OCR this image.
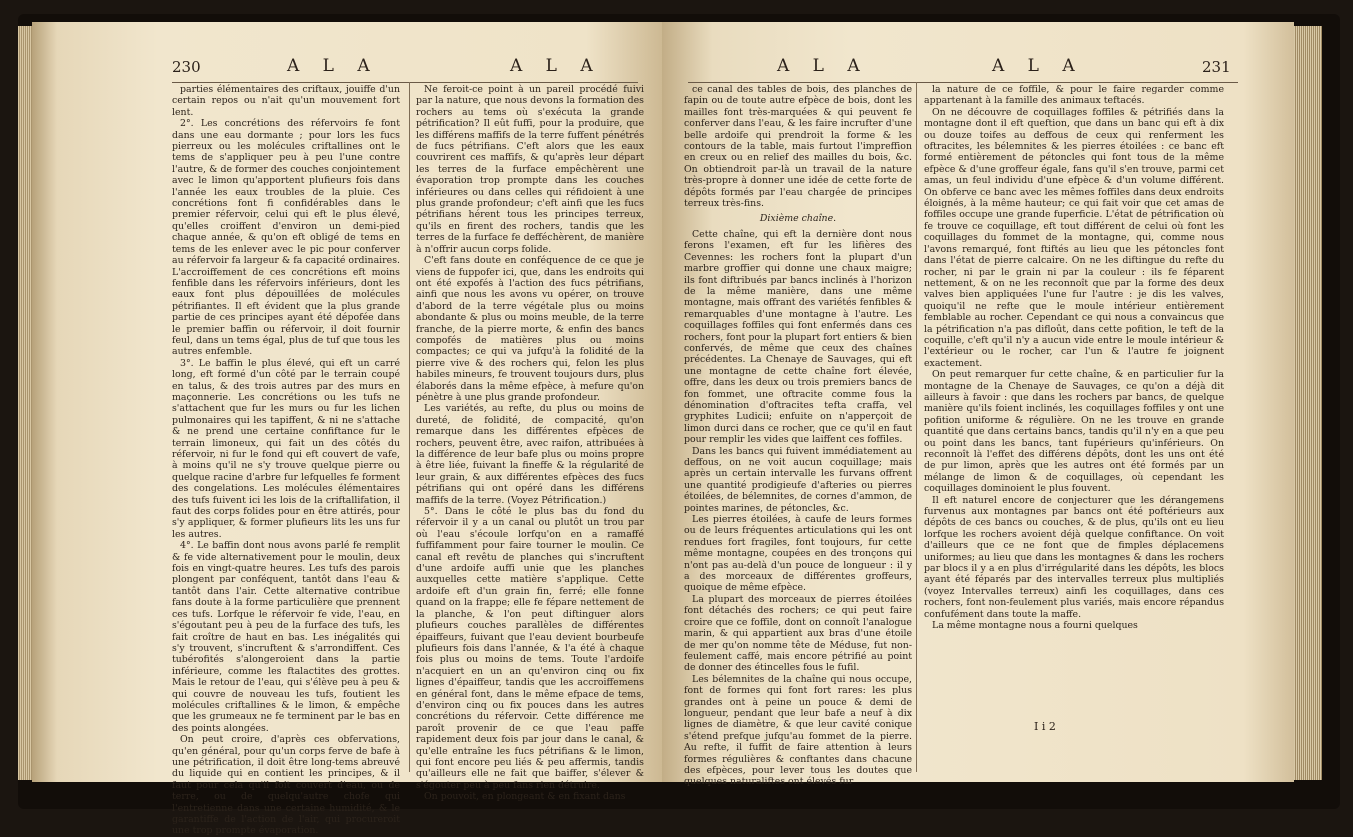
230	A L A	A L A

parties élémentaires des criftaux, jouiffe d'un certain repos ou n'ait qu'un mouvement fort lent.

2°. Les concrétions des réfervoirs fe font dans une eau dormante ; pour lors les fucs pierreux ou les molécules criftallines ont le tems de s'appliquer peu à peu l'une contre l'autre, & de former des couches conjointement avec le limon qu'apportent plufieurs fois dans l'année les eaux troubles de la pluie. Ces concrétions font fi confidérables dans le premier réfervoir, celui qui eft le plus élevé, qu'elles croiffent d'environ un demi-pied chaque année, & qu'on eft obligé de tems en tems de les enlever avec le pic pour conferver au réfervoir fa largeur & fa capacité ordinaires. L'accroiffement de ces concrétions eft moins fenfible dans les réfervoirs inférieurs, dont les eaux font plus dépouillées de molécules pétrifiantes. Il eft évident que la plus grande partie de ces principes ayant été dépofée dans le premier baffin ou réfervoir, il doit fournir feul, dans un tems égal, plus de tuf que tous les autres enfemble.

3°. Le baffin le plus élevé, qui eft un carré long, eft formé d'un côté par le terrain coupé en talus, & des trois autres par des murs en maçonnerie. Les concrétions ou les tufs ne s'attachent que fur les murs ou fur les lichen pulmonaires qui les tapiffent, & ni ne s'attache & ne prend une certaine confiftance fur le terrain limoneux, qui fait un des côtés du réfervoir, ni fur le fond qui eft couvert de vafe, à moins qu'il ne s'y trouve quelque pierre ou quelque racine d'arbre fur lefquelles fe forment des congelations. Les molécules élémentaires des tufs fuivent ici les lois de la criftallifation, il faut des corps folides pour en être attirés, pour s'y appliquer, & former plufieurs lits les uns fur les autres.

4°. Le baffin dont nous avons parlé fe remplit & fe vide alternativement pour le moulin, deux fois en vingt-quatre heures. Les tufs des parois plongent par conféquent, tantôt dans l'eau & tantôt dans l'air. Cette alternative contribue fans doute à la forme particulière que prennent ces tufs. Lorfque le réfervoir fe vide, l'eau, en s'égoutant peu à peu de la furface des tufs, les fait croître de haut en bas. Les inégalités qui s'y trouvent, s'incruftent & s'arrondiffent. Ces tubérofités s'alongeroient dans la partie inférieure, comme les ftalactites des grottes. Mais le retour de l'eau, qui s'élève peu à peu & qui couvre de nouveau les tufs, foutient les molécules criftallines & le limon, & empêche que les grumeaux ne fe terminent par le bas en des points alongées.

On peut croire, d'après ces obfervations, qu'en général, pour qu'un corps ferve de bafe à une pétrification, il doit être long-tems abreuvé du liquide qui en contient les principes, & il faut pour cela qu'il foit couvert d'eau, ou de terre, ou de quelqu'autre chofe qui l'entretienne dans une certaine humidité, & le garantiffe de l'action de l'air, qui procureroit une trop prompte évaporation.

Ne feroit-ce point à un pareil procédé fuivi par la nature, que nous devons la formation des rochers au tems où s'exécuta la grande pétrification? Il eût fuffi, pour la produire, que les différens maffifs de la terre fuffent pénétrés de fucs pétrifians. C'eft alors que les eaux couvrirent ces maffifs, & qu'après leur départ les terres de la furface empêchèrent une évaporation trop prompte dans les couches inférieures ou dans celles qui réfidoient à une plus grande profondeur; c'eft ainfi que les fucs pétrifians hérent tous les principes terreux, qu'ils en firent des rochers, tandis que les terres de la furface fe defféchèrent, de manière à n'offrir aucun corps folide.

C'eft fans doute en conféquence de ce que je viens de fuppofer ici, que, dans les endroits qui ont été expofés à l'action des fucs pétrifians, ainfi que nous les avons vu opérer, on trouve d'abord de la terre végétale plus ou moins abondante & plus ou moins meuble, de la terre franche, de la pierre morte, & enfin des bancs compofés de matières plus ou moins compactes; ce qui va jufqu'à la folidité de la pierre vive & des rochers qui, felon les plus habiles mineurs, fe trouvent toujours durs, plus élaborés dans la même efpèce, à mefure qu'on pénètre à une plus grande profondeur.

Les variétés, au refte, du plus ou moins de dureté, de folidité, de compacité, qu'on remarque dans les différentes efpèces de rochers, peuvent être, avec raifon, attribuées à la différence de leur bafe plus ou moins propre à être liée, fuivant la fineffe & la régularité de leur grain, & aux différentes efpèces des fucs pétrifians qui ont opéré dans les différens maffifs de la terre. (Voyez Pétrification.)

5°. Dans le côté le plus bas du fond du réfervoir il y a un canal ou plutôt un trou par où l'eau s'écoule lorfqu'on en a ramaffé fuffifamment pour faire tourner le moulin. Ce canal eft revêtu de planches qui s'incruftent d'une ardoife auffi unie que les planches auxquelles cette matière s'applique. Cette ardoife eft d'un grain fin, ferré; elle fonne quand on la frappe; elle fe fépare nettement de la planche, & l'on peut diftinguer alors plufieurs couches parallèles de différentes épaiffeurs, fuivant que l'eau devient bourbeufe plufieurs fois dans l'année, & l'a été à chaque fois plus ou moins de tems. Toute l'ardoife n'acquiert en un an qu'environ cinq ou fix lignes d'épaiffeur, tandis que les accroiffemens en général font, dans le même efpace de tems, d'environ cinq ou fix pouces dans les autres concrétions du réfervoir. Cette différence me paroît provenir de ce que l'eau paffe rapidement deux fois par jour dans le canal, & qu'elle entraîne les fucs pétrifians & le limon, qui font encore peu liés & peu affermis, tandis qu'ailleurs elle ne fait que baiffer, s'élever & s'égouter peu à peu fans rien détruire.

On pouvoit, en plongeant & en fixant dans

A L A	A L A	231

ce canal des tables de bois, des planches de fapin ou de toute autre efpèce de bois, dont les mailles font très-marquées & qui peuvent fe conferver dans l'eau, & les faire incrufter d'une belle ardoife qui prendroit la forme & les contours de la table, mais furtout l'impreffion en creux ou en relief des mailles du bois, &c. On obtiendroit par-là un travail de la nature très-propre à donner une idée de cette forte de dépôts formés par l'eau chargée de principes terreux très-fins.

Dixième chaîne.

Cette chaîne, qui eft la dernière dont nous ferons l'examen, eft fur les lifières des Cevennes: les rochers font la plupart d'un marbre groffier qui donne une chaux maigre; ils font diftribués par bancs inclinés à l'horizon de la même manière, dans une même montagne, mais offrant des variétés fenfibles & remarquables d'une montagne à l'autre. Les coquillages foffiles qui font enfermés dans ces rochers, font pour la plupart fort entiers & bien confervés, de même que ceux des chaînes précédentes. La Chenaye de Sauvages, qui eft une montagne de cette chaîne fort élevée, offre, dans les deux ou trois premiers bancs de fon fommet, une oftracite comme fous la dénomination d'oftracites tefta craffa, vel gryphites Ludicii; enfuite on n'apperçoit de limon durci dans ce rocher, que ce qu'il en faut pour remplir les vides que laiffent ces foffiles.

Dans les bancs qui fuivent immédiatement au deffous, on ne voit aucun coquillage; mais après un certain intervalle les furvans offrent une quantité prodigieufe d'afteries ou pierres étoilées, de bélemnites, de cornes d'ammon, de pointes marines, de pétoncles, &c.

Les pierres étoilées, à caufe de leurs formes ou de leurs fréquentes articulations qui les ont rendues fort fragiles, font toujours, fur cette même montagne, coupées en des tronçons qui n'ont pas au-delà d'un pouce de longueur : il y a des morceaux de différentes groffeurs, quoique de même efpèce.

La plupart des morceaux de pierres étoilées font détachés des rochers; ce qui peut faire croire que ce foffile, dont on connoît l'analogue marin, & qui appartient aux bras d'une étoile de mer qu'on nomme tête de Méduse, fut non-feulement caffé, mais encore pétrifié au point de donner des étincelles fous le fufil.

Les bélemnites de la chaîne qui nous occupe, font de formes qui font fort rares: les plus grandes ont à peine un pouce & demi de longueur, pendant que leur bafe a neuf à dix lignes de diamètre, & que leur cavité conique s'étend prefque jufqu'au fommet de la pierre. Au refte, il fuffit de faire attention à leurs formes régulières & conftantes dans chacune des efpèces, pour lever tous les doutes que quelques naturaliftes ont élevés fur

la nature de ce foffile, & pour le faire regarder comme appartenant à la famille des animaux teftacés.

On ne découvre de coquillages foffiles & pétrifiés dans la montagne dont il eft queftion, que dans un banc qui eft à dix ou douze toifes au deffous de ceux qui renferment les oftracites, les bélemnites & les pierres étoilées : ce banc eft formé entièrement de pétoncles qui font tous de la même efpèce & d'une groffeur égale, fans qu'il s'en trouve, parmi cet amas, un feul individu d'une efpèce & d'un volume différent. On obferve ce banc avec les mêmes foffiles dans deux endroits éloignés, à la même hauteur; ce qui fait voir que cet amas de foffiles occupe une grande fuperficie. L'état de pétrification où fe trouve ce coquillage, eft tout différent de celui où font les coquillages du fommet de la montagne, qui, comme nous l'avons remarqué, font ftiftés au lieu que les pétoncles font dans l'état de pierre calcaire. On ne les diftingue du refte du rocher, ni par le grain ni par la couleur : ils fe féparent nettement, & on ne les reconnoît que par la forme des deux valves bien appliquées l'une fur l'autre : je dis les valves, quoiqu'il ne refte que le moule intérieur entièrement femblable au rocher. Cependant ce qui nous a convaincus que la pétrification n'a pas difloût, dans cette pofition, le teft de la coquille, c'eft qu'il n'y a aucun vide entre le moule intérieur & l'extérieur ou le rocher, car l'un & l'autre fe joignent exactement.

On peut remarquer fur cette chaîne, & en particulier fur la montagne de la Chenaye de Sauvages, ce qu'on a déjà dit ailleurs à favoir : que dans les rochers par bancs, de quelque manière qu'ils foient inclinés, les coquillages foffiles y ont une pofition uniforme & régulière. On ne les trouve en grande quantité que dans certains bancs, tandis qu'il n'y en a que peu ou point dans les bancs, tant fupérieurs qu'inférieurs. On reconnoît là l'effet des différens dépôts, dont les uns ont été de pur limon, après que les autres ont été formés par un mélange de limon & de coquillages, où cependant les coquillages dominoient le plus fouvent.

Il eft naturel encore de conjecturer que les dérangemens furvenus aux montagnes par bancs ont été poftérieurs aux dépôts de ces bancs ou couches, & de plus, qu'ils ont eu lieu lorfque les rochers avoient déjà quelque confiftance. On voit d'ailleurs que ce ne font que de fimples déplacemens uniformes; au lieu que dans les montagnes & dans les rochers par blocs il y a en plus d'irrégularité dans les dépôts, les blocs ayant été féparés par des intervalles terreux plus multipliés (voyez Intervalles terreux) ainfi les coquillages, dans ces rochers, font non-feulement plus variés, mais encore répandus confufément dans toute la maffe.

La même montagne nous a fourni quelques

I i 2
